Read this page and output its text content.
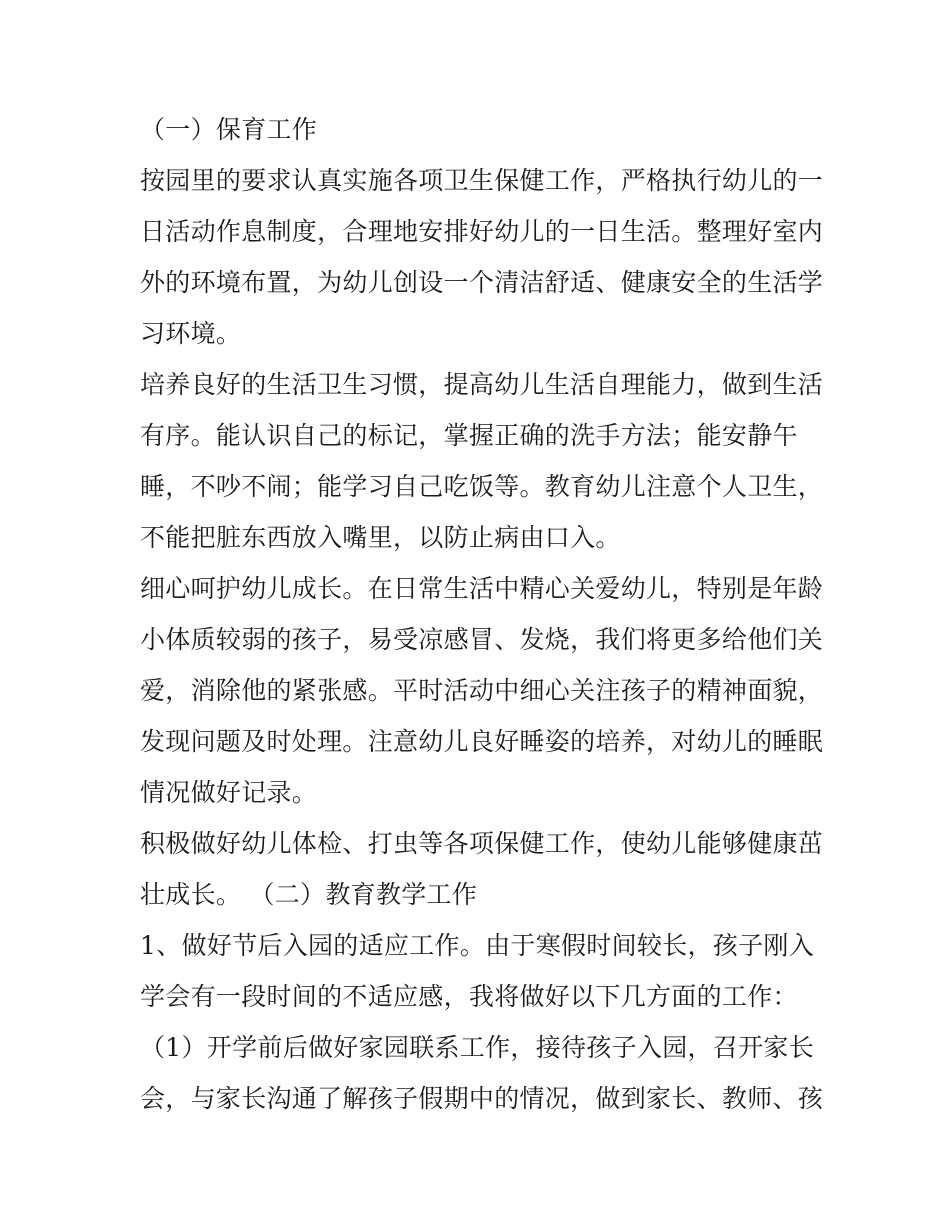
（一）保育工作
按园里的要求认真实施各项卫生保健工作，严格执行幼儿的一
日活动作息制度，合理地安排好幼儿的一日生活。整理好室内
外的环境布置，为幼儿创设一个清洁舒适、健康安全的生活学
习环境。
培养良好的生活卫生习惯，提高幼儿生活自理能力，做到生活
有序。能认识自己的标记，掌握正确的洗手方法；能安静午
睡，不吵不闹；能学习自己吃饭等。教育幼儿注意个人卫生，
不能把脏东西放入嘴里，以防止病由口入。
细心呵护幼儿成长。在日常生活中精心关爱幼儿，特别是年龄
小体质较弱的孩子，易受凉感冒、发烧，我们将更多给他们关
爱，消除他的紧张感。平时活动中细心关注孩子的精神面貌，
发现问题及时处理。注意幼儿良好睡姿的培养，对幼儿的睡眠
情况做好记录。
积极做好幼儿体检、打虫等各项保健工作，使幼儿能够健康茁
壮成长。 （二）教育教学工作
1、做好节后入园的适应工作。由于寒假时间较长，孩子刚入
学会有一段时间的不适应感，我将做好以下几方面的工作：
（1）开学前后做好家园联系工作，接待孩子入园，召开家长
会，与家长沟通了解孩子假期中的情况，做到家长、教师、孩
